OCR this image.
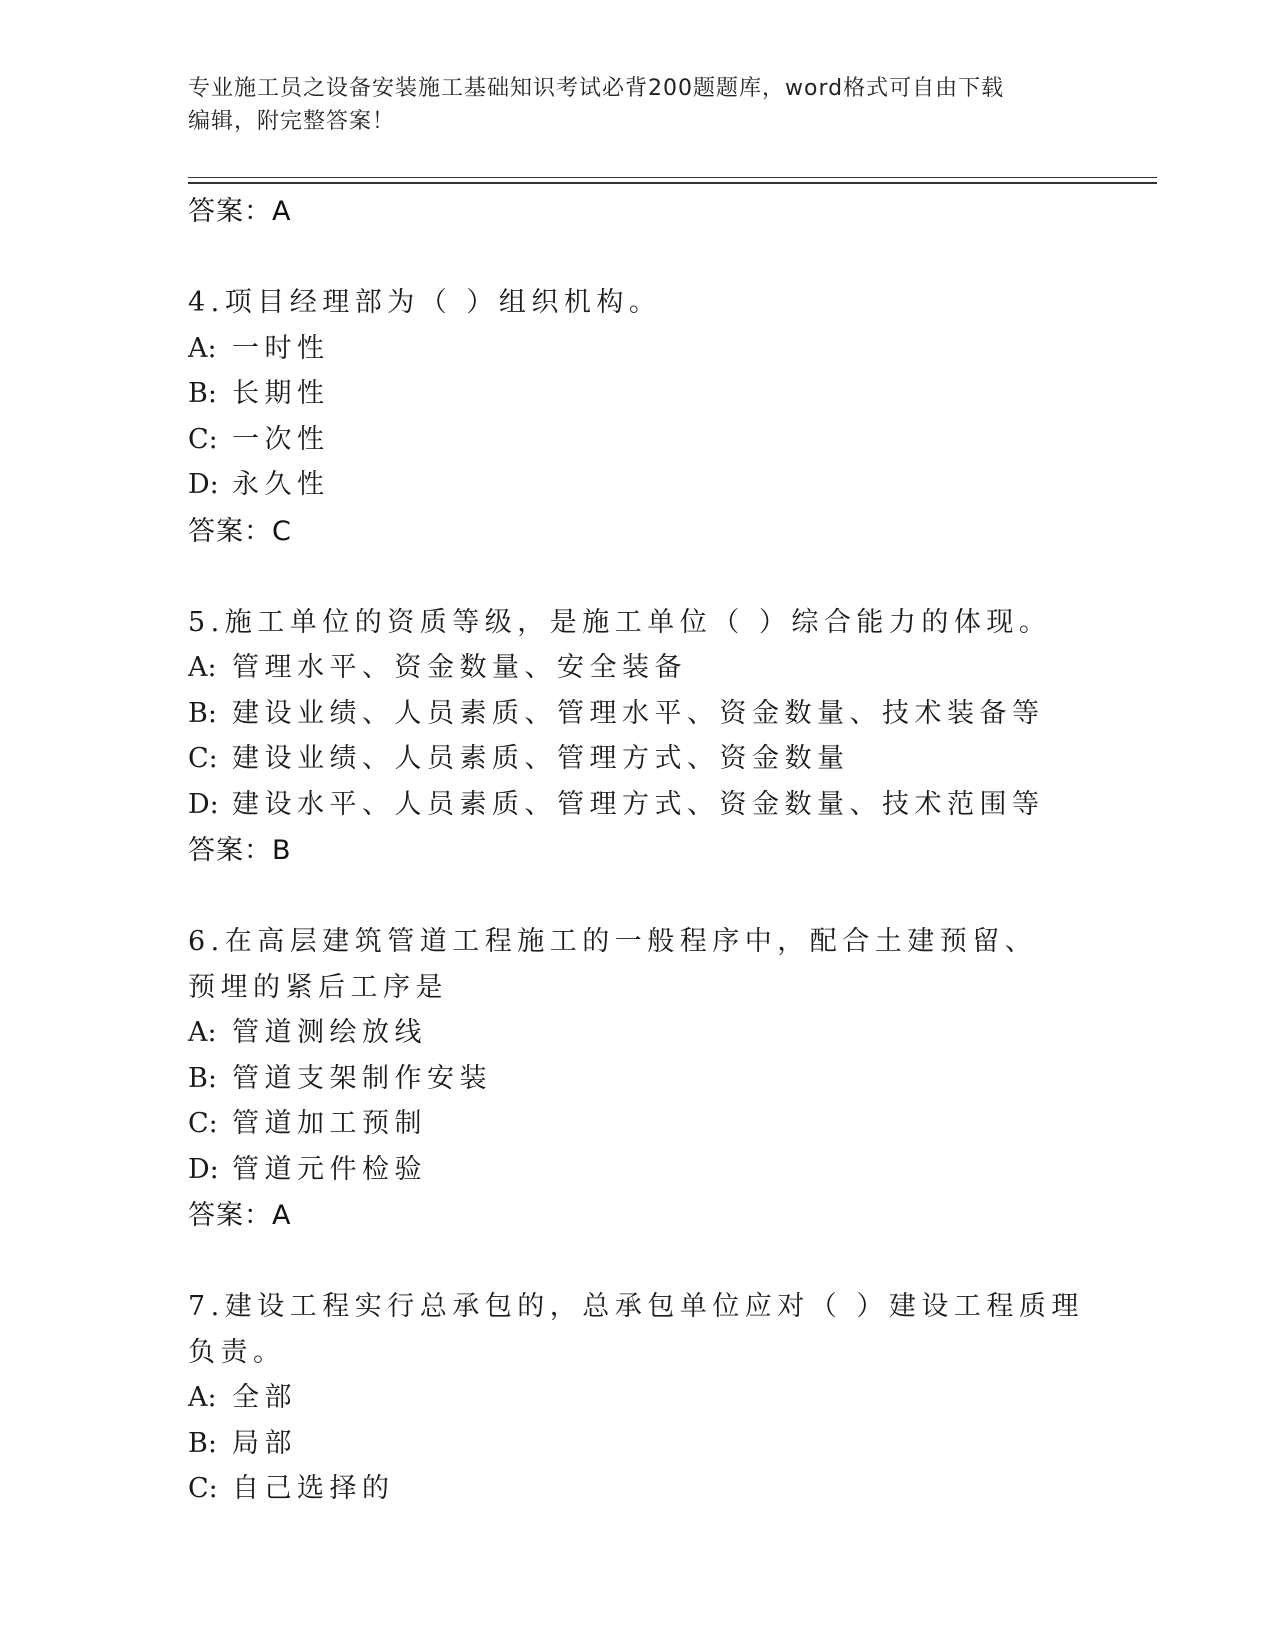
专业施工员之设备安装施工基础知识考试必背200题题库，word格式可自由下载
编辑，附完整答案！
答案：A
4.项目经理部为（ ）组织机构。
A: 一时性
B: 长期性
C: 一次性
D: 永久性
答案：C
5.施工单位的资质等级，是施工单位（ ）综合能力的体现。
A: 管理水平、资金数量、安全装备
B: 建设业绩、人员素质、管理水平、资金数量、技术装备等
C: 建设业绩、人员素质、管理方式、资金数量
D: 建设水平、人员素质、管理方式、资金数量、技术范围等
答案：B
6.在高层建筑管道工程施工的一般程序中，配合土建预留、预埋的紧后工序是
A: 管道测绘放线
B: 管道支架制作安装
C: 管道加工预制
D: 管道元件检验
答案：A
7.建设工程实行总承包的，总承包单位应对（ ）建设工程质理负责。
A: 全部
B: 局部
C: 自己选择的
